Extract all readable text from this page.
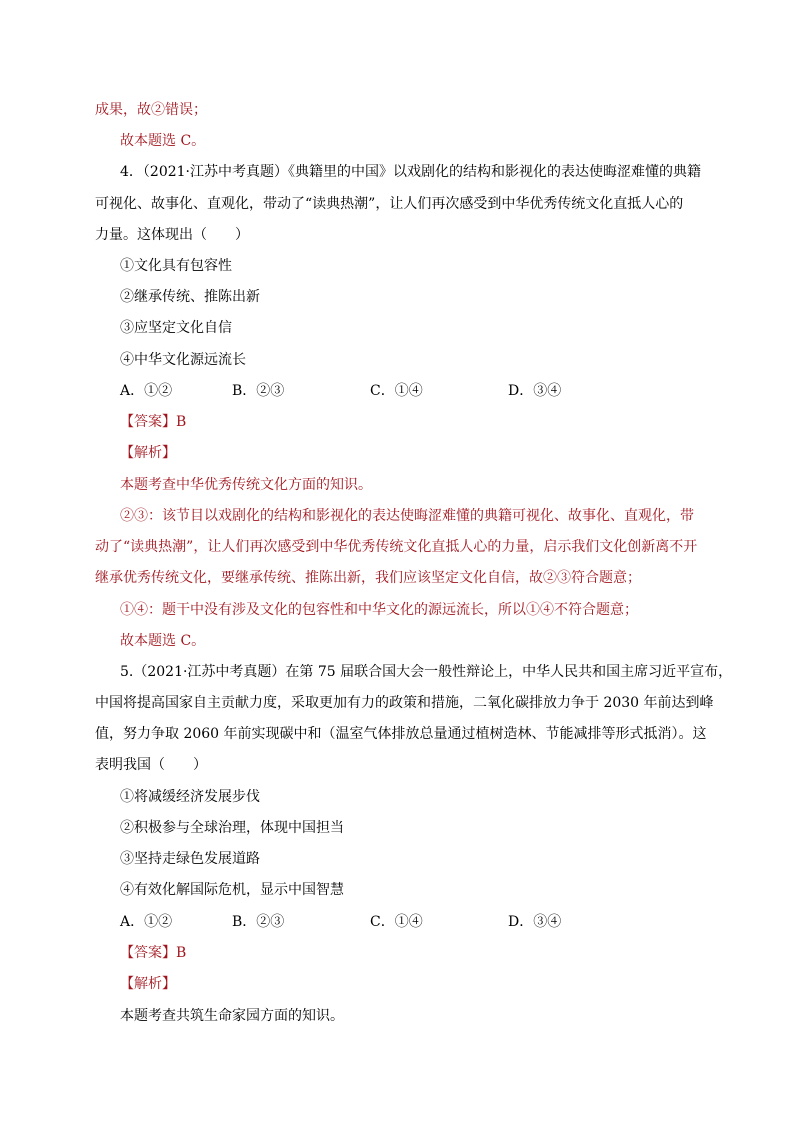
成果，故②错误；
故本题选 C。
4．（2021·江苏中考真题）《典籍里的中国》以戏剧化的结构和影视化的表达使晦涩难懂的典籍
可视化、故事化、直观化，带动了“读典热潮”，让人们再次感受到中华优秀传统文化直抵人心的
力量。这体现出（　　）
①文化具有包容性
②继承传统、推陈出新
③应坚定文化自信
④中华文化源远流长
A．①②	B．②③	C．①④	D．③④
【答案】B
【解析】
本题考查中华优秀传统文化方面的知识。
②③：该节目以戏剧化的结构和影视化的表达使晦涩难懂的典籍可视化、故事化、直观化，带
动了“读典热潮”，让人们再次感受到中华优秀传统文化直抵人心的力量，启示我们文化创新离不开
继承优秀传统文化，要继承传统、推陈出新，我们应该坚定文化自信，故②③符合题意；
①④：题干中没有涉及文化的包容性和中华文化的源远流长，所以①④不符合题意；
故本题选 C。
5.（2021·江苏中考真题）在第 75 届联合国大会一般性辩论上，中华人民共和国主席习近平宣布，
中国将提高国家自主贡献力度，采取更加有力的政策和措施，二氧化碳排放力争于 2030 年前达到峰
值，努力争取 2060 年前实现碳中和（温室气体排放总量通过植树造林、节能减排等形式抵消）。这
表明我国（　　）
①将减缓经济发展步伐
②积极参与全球治理，体现中国担当
③坚持走绿色发展道路
④有效化解国际危机，显示中国智慧
A．①②	B．②③	C．①④	D．③④
【答案】B
【解析】
本题考查共筑生命家园方面的知识。
